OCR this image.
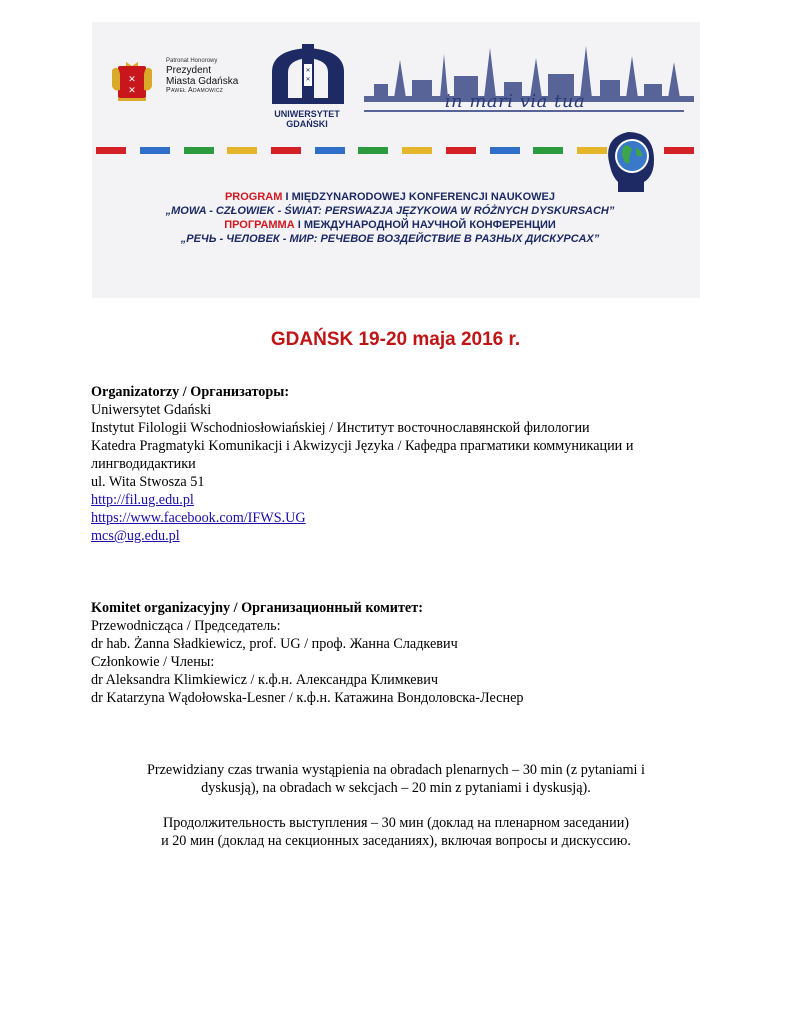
✕
✕
Patronat Honorowy
Prezydent
Miasta Gdańska
Paweł Adamowicz
✕
✕
UNIWERSYTET GDAŃSKI
in mari via tua
PROGRAM I MIĘDZYNARODOWEJ KONFERENCJI NAUKOWEJ
„MOWA - CZŁOWIEK - ŚWIAT: PERSWAZJA JĘZYKOWA W RÓŻNYCH DYSKURSACH”
ПРОГРАММА I МЕЖДУНАРОДНОЙ НАУЧНОЙ КОНФЕРЕНЦИИ
„РЕЧЬ - ЧЕЛОВЕК - МИР: РЕЧЕВОЕ ВОЗДЕЙСТВИЕ В РАЗНЫХ ДИСКУРСАХ”
GDAŃSK 19-20 maja 2016 r.

Organizatorzy / Организаторы:

Uniwersytet Gdański

Instytut Filologii Wschodniosłowiańskiej / Институт восточнославянской филологии

Katedra Pragmatyki Komunikacji i Akwizycji Języka / Кафедра прагматики коммуникации и

лингводидактики

ul. Wita Stwosza 51

http://fil.ug.edu.pl

https://www.facebook.com/IFWS.UG

mcs@ug.edu.pl

Komitet organizacyjny / Организационный комитет:

Przewodnicząca / Председатель:

dr hab. Żanna Sładkiewicz, prof. UG / проф. Жанна Сладкевич

Członkowie / Члены:

dr Aleksandra Klimkiewicz / к.ф.н. Александра Климкевич

dr Katarzyna Wądołowska-Lesner / к.ф.н. Катажина Вондоловска-Леснер

Przewidziany czas trwania wystąpienia na obradach plenarnych – 30 min (z pytaniami i

dyskusją), na obradach w sekcjach – 20 min z pytaniami i dyskusją).

Продолжительность выступления – 30 мин (доклад на пленарном заседании)

и 20 мин (доклад на секционных заседаниях), включая вопросы и дискуссию.
